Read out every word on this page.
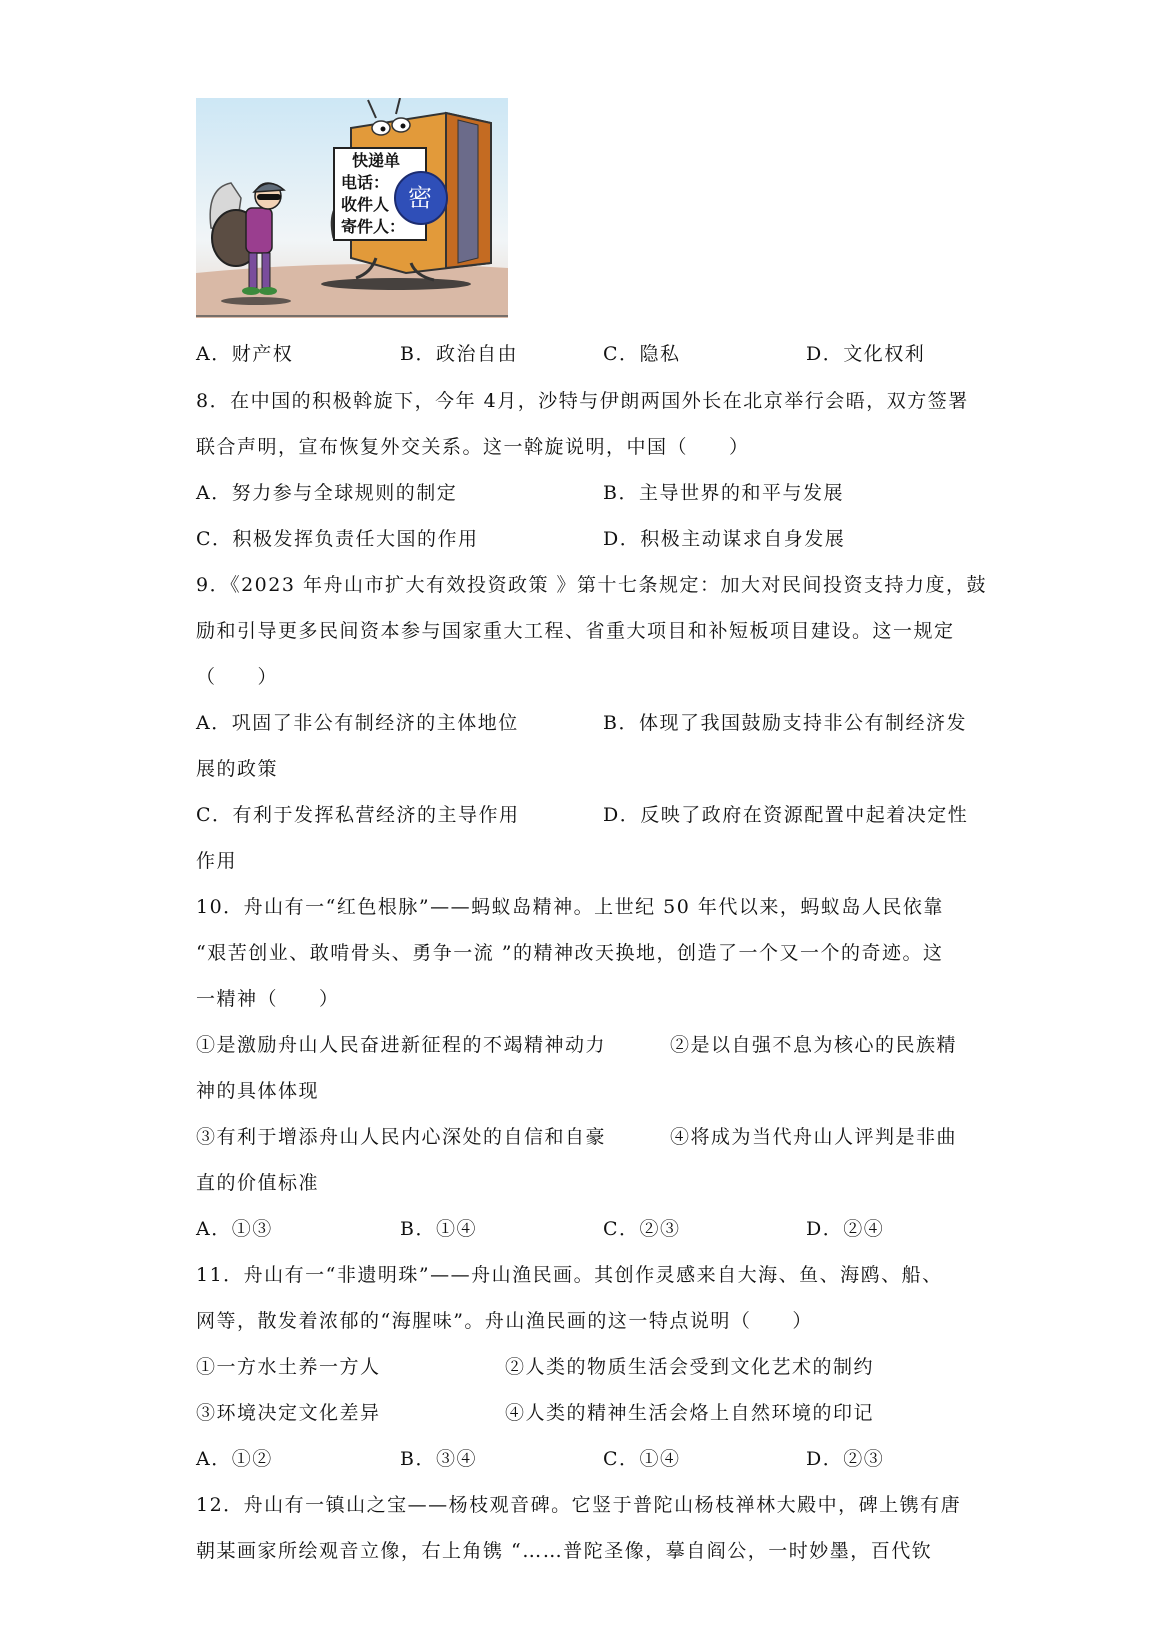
快递单
电话：
收件人
寄件人：
密
A．财产权	B．政治自由	C．隐私	D．文化权利
8．在中国的积极斡旋下，今年 4月，沙特与伊朗两国外长在北京举行会晤，双方签署
联合声明，宣布恢复外交关系。这一斡旋说明，中国（　　）
A．努力参与全球规则的制定	B．主导世界的和平与发展
C．积极发挥负责任大国的作用	D．积极主动谋求自身发展
9．《2023 年舟山市扩大有效投资政策 》第十七条规定：加大对民间投资支持力度，鼓
励和引导更多民间资本参与国家重大工程、省重大项目和补短板项目建设。这一规定
（　　）
A．巩固了非公有制经济的主体地位	B．体现了我国鼓励支持非公有制经济发
展的政策
C．有利于发挥私营经济的主导作用	D．反映了政府在资源配置中起着决定性
作用
10．舟山有一“红色根脉”——蚂蚁岛精神。上世纪 50 年代以来，蚂蚁岛人民依靠
“艰苦创业、敢啃骨头、勇争一流 ”的精神改天换地，创造了一个又一个的奇迹。这
一精神（　　）
①是激励舟山人民奋进新征程的不竭精神动力	②是以自强不息为核心的民族精
神的具体体现
③有利于增添舟山人民内心深处的自信和自豪	④将成为当代舟山人评判是非曲
直的价值标准
A．①③	B．①④	C．②③	D．②④
11．舟山有一“非遗明珠”——舟山渔民画。其创作灵感来自大海、鱼、海鸥、船、
网等，散发着浓郁的“海腥味”。舟山渔民画的这一特点说明（　　）
①一方水土养一方人	②人类的物质生活会受到文化艺术的制约
③环境决定文化差异	④人类的精神生活会烙上自然环境的印记
A．①②	B．③④	C．①④	D．②③
12．舟山有一镇山之宝——杨枝观音碑。它竖于普陀山杨枝禅林大殿中，碑上镌有唐
朝某画家所绘观音立像，右上角镌 “……普陀圣像，摹自阎公，一时妙墨，百代钦
